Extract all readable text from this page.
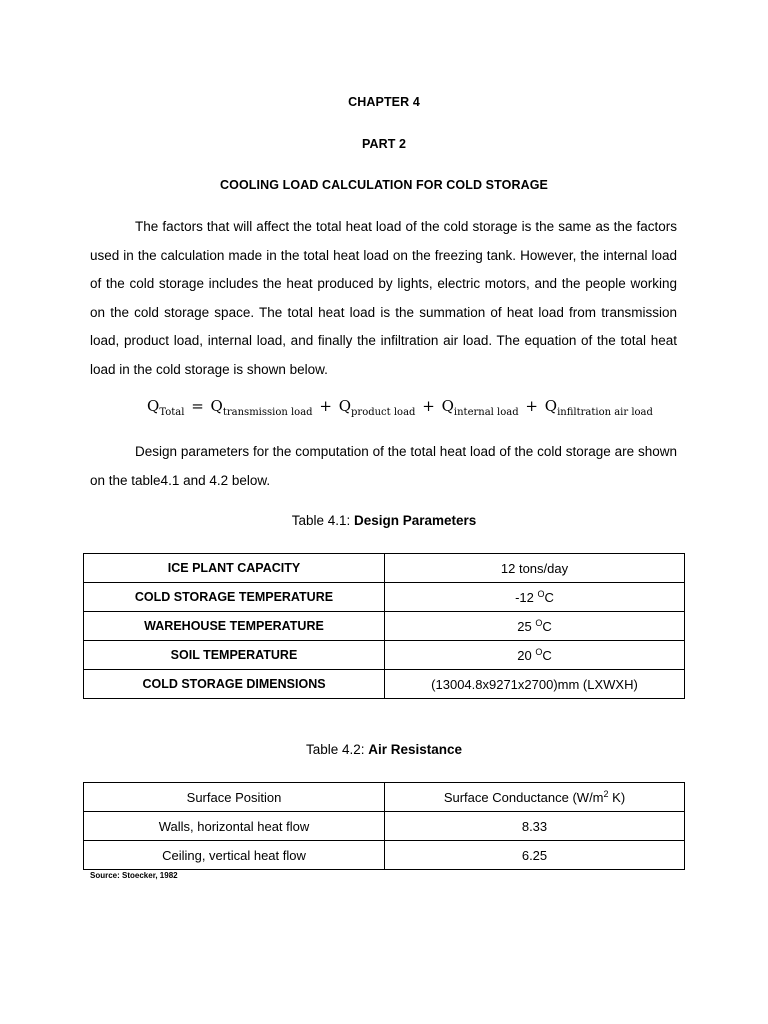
CHAPTER 4
PART 2
COOLING LOAD CALCULATION FOR COLD STORAGE

The factors that will affect the total heat load of the cold storage is the same as the factors used in the calculation made in the total heat load on the freezing tank. However, the internal load of the cold storage includes the heat produced by lights, electric motors, and the people working on the cold storage space. The total heat load is the summation of heat load from transmission load, product load, internal load, and finally the infiltration air load. The equation of the total heat load in the cold storage is shown below.

$Q_{Total} = Q_{transmission load} + Q_{product load} + Q_{internal load} + Q_{infiltration air load}$

Design parameters for the computation of the total heat load of the cold storage are shown on the table4.1 and 4.2 below.

Table 4.1: Design Parameters
ICE PLANT CAPACITY	12 tons/day
COLD STORAGE TEMPERATURE	-12 $^O$C
WAREHOUSE TEMPERATURE	25 $^O$C
SOIL TEMPERATURE	20 $^O$C
COLD STORAGE DIMENSIONS	(13004.8x9271x2700)mm (LXWXH)
Table 4.2: Air Resistance
Surface Position	Surface Conductance ($W/m^2$ K)
Walls, horizontal heat flow	8.33
Ceiling, vertical heat flow	6.25
Source: Stoecker, 1982
